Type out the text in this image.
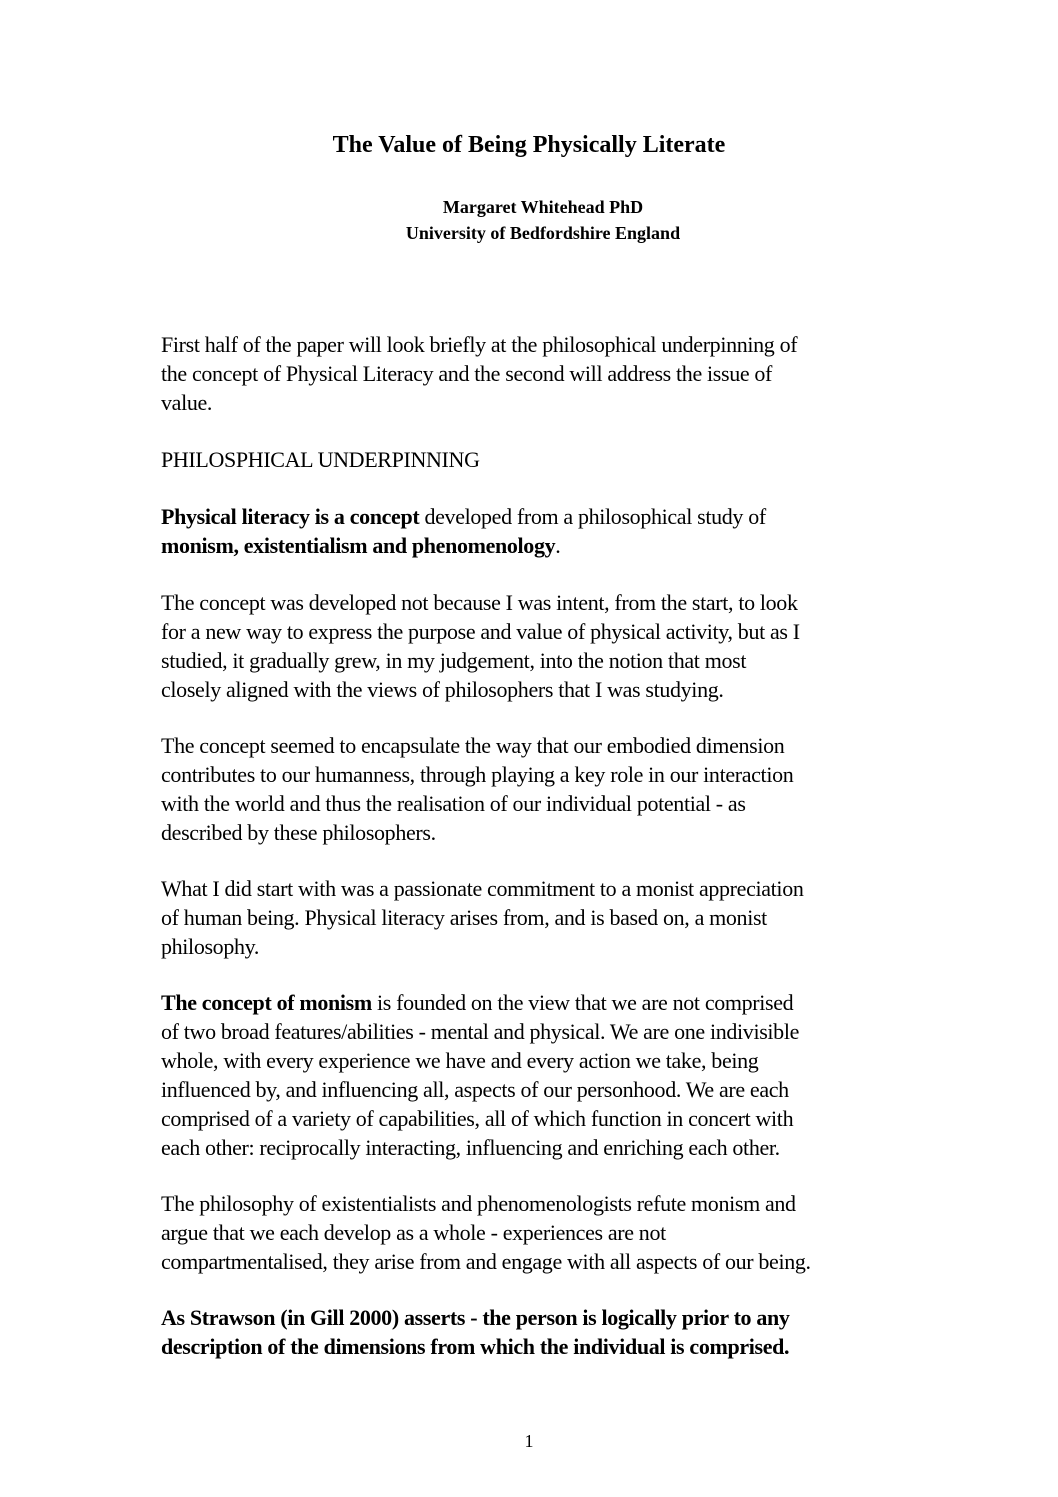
The Value of Being Physically Literate
Margaret Whitehead PhD
University of Bedfordshire England

First half of the paper will look briefly at the philosophical underpinning of
the concept of Physical Literacy and the second will address the issue of
value.

PHILOSPHICAL UNDERPINNING

Physical literacy is a concept developed from a philosophical study of
monism, existentialism and phenomenology.

The concept was developed not because I was intent, from the start, to look
for a new way to express the purpose and value of physical activity, but as I
studied, it gradually grew, in my judgement, into the notion that most
closely aligned with the views of philosophers that I was studying.

The concept seemed to encapsulate the way that our embodied dimension
contributes to our humanness, through playing a key role in our interaction
with the world and thus the realisation of our individual potential - as
described by these philosophers.

What I did start with was a passionate commitment to a monist appreciation
of human being. Physical literacy arises from, and is based on, a monist
philosophy.

The concept of monism is founded on the view that we are not comprised
of two broad features/abilities - mental and physical. We are one indivisible
whole, with every experience we have and every action we take, being
influenced by, and influencing all, aspects of our personhood. We are each
comprised of a variety of capabilities, all of which function in concert with
each other: reciprocally interacting, influencing and enriching each other.

The philosophy of existentialists and phenomenologists refute monism and
argue that we each develop as a whole - experiences are not
compartmentalised, they arise from and engage with all aspects of our being.

As Strawson (in Gill 2000) asserts - the person is logically prior to any
description of the dimensions from which the individual is comprised.

1
